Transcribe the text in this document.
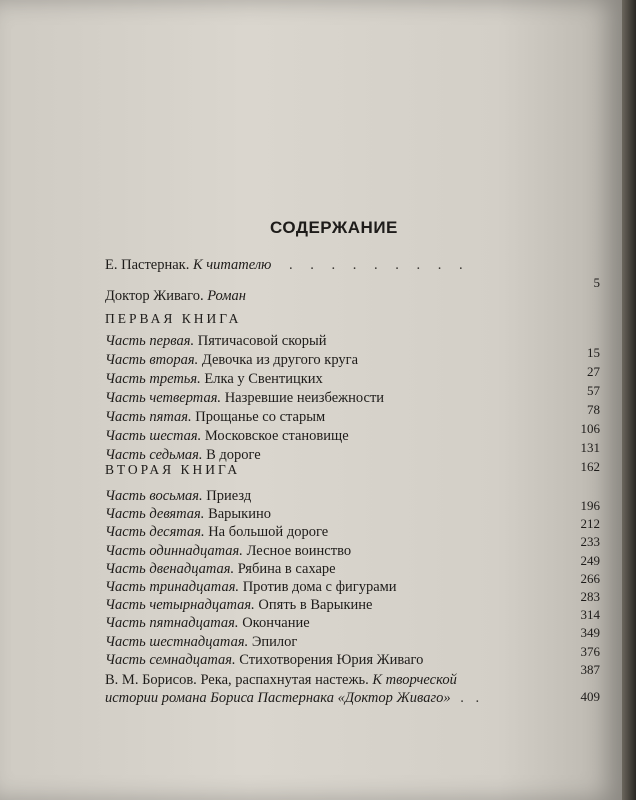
СОДЕРЖАНИЕ
Е. Пастернак. К читателю . . . . . . . . .
5
Доктор Живаго. Роман
ПЕРВАЯ КНИГА
Часть первая. Пятичасовой скорый
15
Часть вторая. Девочка из другого круга
27
Часть третья. Елка у Свентицких
57
Часть четвертая. Назревшие неизбежности
78
Часть пятая. Прощанье со старым
106
Часть шестая. Московское становище
131
Часть седьмая. В дороге
162
ВТОРАЯ КНИГА
Часть восьмая. Приезд
196
Часть девятая. Варыкино
212
Часть десятая. На большой дороге
233
Часть одиннадцатая. Лесное воинство
249
Часть двенадцатая. Рябина в сахаре
266
Часть тринадцатая. Против дома с фигурами
283
Часть четырнадцатая. Опять в Варыкине
314
Часть пятнадцатая. Окончание
349
Часть шестнадцатая. Эпилог
376
Часть семнадцатая. Стихотворения Юрия Живаго
387
В. М. Борисов. Река, распахнутая настежь. К творческой
истории романа Бориса Пастернака «Доктор Живаго» . .	409
